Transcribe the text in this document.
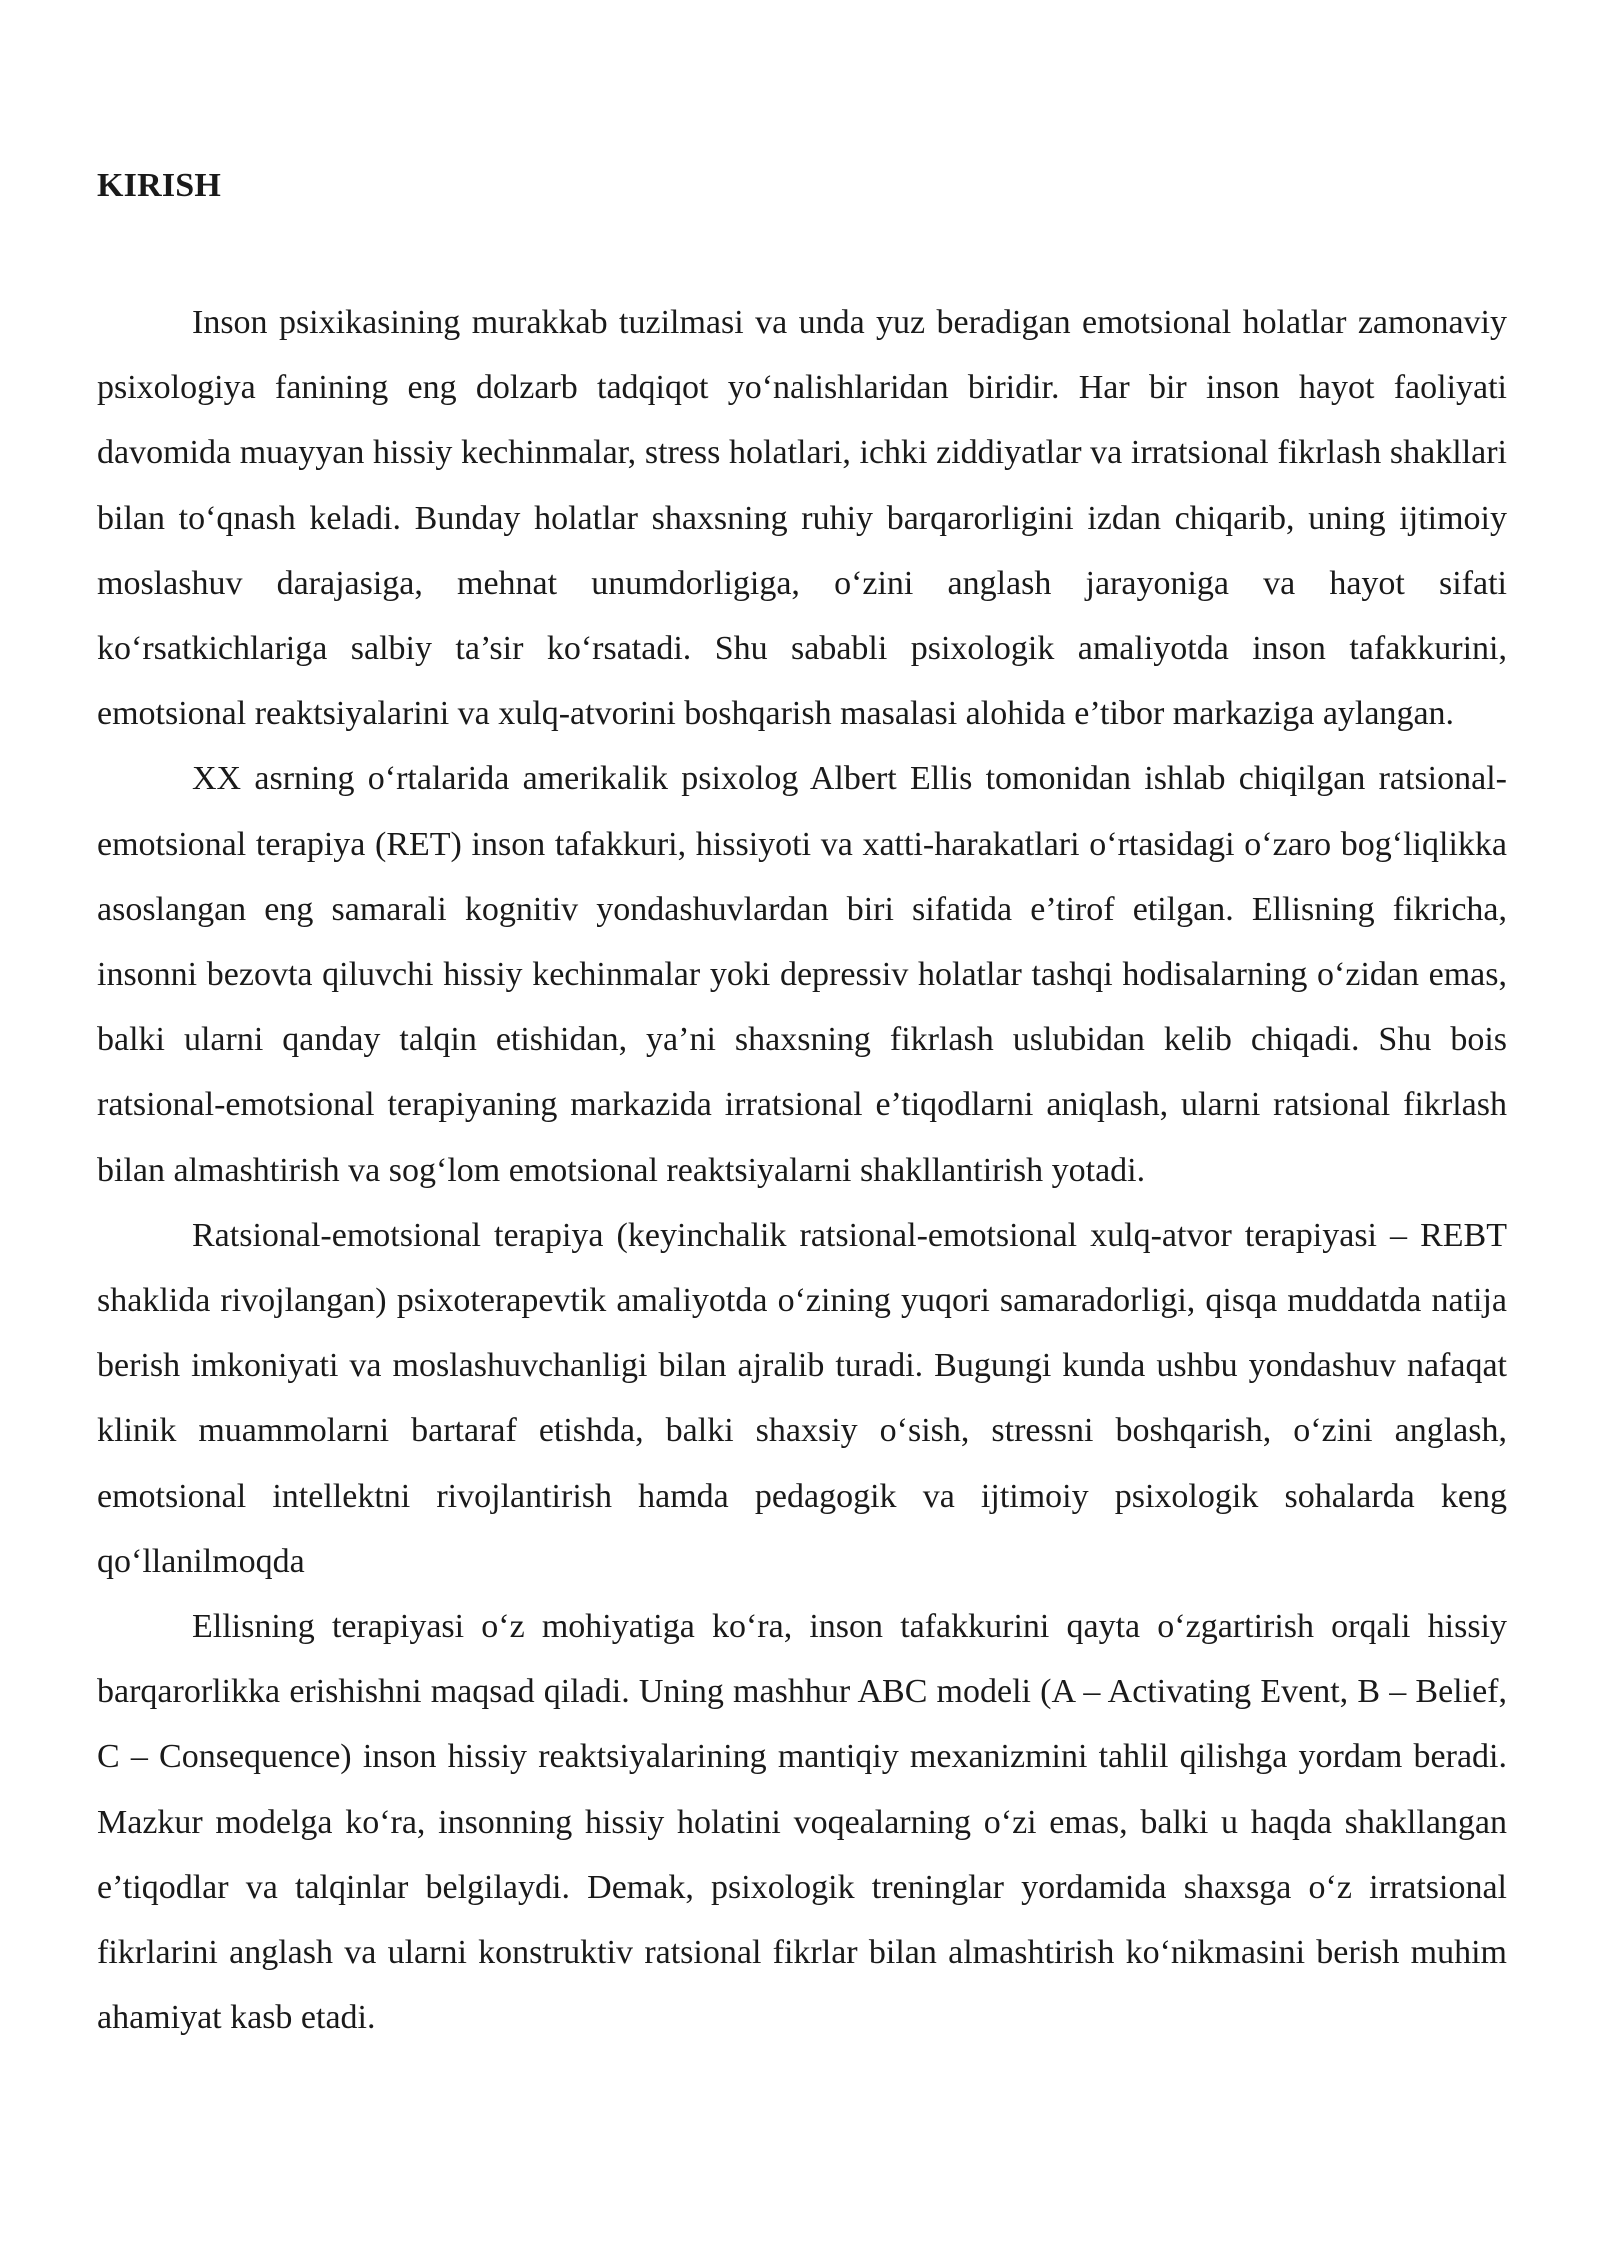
KIRISH

Inson psixikasining murakkab tuzilmasi va unda yuz beradigan emotsional holatlar zamonaviy psixologiya fanining eng dolzarb tadqiqot yo‘nalishlaridan biridir. Har bir inson hayot faoliyati davomida muayyan hissiy kechinmalar, stress holatlari, ichki ziddiyatlar va irratsional fikrlash shakllari bilan to‘qnash keladi. Bunday holatlar shaxsning ruhiy barqarorligini izdan chiqarib, uning ijtimoiy moslashuv darajasiga, mehnat unumdorligiga, o‘zini anglash jarayoniga va hayot sifati ko‘rsatkichlariga salbiy ta’sir ko‘rsatadi. Shu sababli psixologik amaliyotda inson tafakkurini, emotsional reaktsiyalarini va xulq-atvorini boshqarish masalasi alohida e’tibor markaziga aylangan.

XX asrning o‘rtalarida amerikalik psixolog Albert Ellis tomonidan ishlab chiqilgan ratsional-emotsional terapiya (RET) inson tafakkuri, hissiyoti va xatti-harakatlari o‘rtasidagi o‘zaro bog‘liqlikka asoslangan eng samarali kognitiv yondashuvlardan biri sifatida e’tirof etilgan. Ellisning fikricha, insonni bezovta qiluvchi hissiy kechinmalar yoki depressiv holatlar tashqi hodisalarning o‘zidan emas, balki ularni qanday talqin etishidan, ya’ni shaxsning fikrlash uslubidan kelib chiqadi. Shu bois ratsional-emotsional terapiyaning markazida irratsional e’tiqodlarni aniqlash, ularni ratsional fikrlash bilan almashtirish va sog‘lom emotsional reaktsiyalarni shakllantirish yotadi.

Ratsional-emotsional terapiya (keyinchalik ratsional-emotsional xulq-atvor terapiyasi – REBT shaklida rivojlangan) psixoterapevtik amaliyotda o‘zining yuqori samaradorligi, qisqa muddatda natija berish imkoniyati va moslashuvchanligi bilan ajralib turadi. Bugungi kunda ushbu yondashuv nafaqat klinik muammolarni bartaraf etishda, balki shaxsiy o‘sish, stressni boshqarish, o‘zini anglash, emotsional intellektni rivojlantirish hamda pedagogik va ijtimoiy psixologik sohalarda keng qo‘llanilmoqda

Ellisning terapiyasi o‘z mohiyatiga ko‘ra, inson tafakkurini qayta o‘zgartirish orqali hissiy barqarorlikka erishishni maqsad qiladi. Uning mashhur ABC modeli (A – Activating Event, B – Belief, C – Consequence) inson hissiy reaktsiyalarining mantiqiy mexanizmini tahlil qilishga yordam beradi. Mazkur modelga ko‘ra, insonning hissiy holatini voqealarning o‘zi emas, balki u haqda shakllangan e’tiqodlar va talqinlar belgilaydi. Demak, psixologik treninglar yordamida shaxsga o‘z irratsional fikrlarini anglash va ularni konstruktiv ratsional fikrlar bilan almashtirish ko‘nikmasini berish muhim ahamiyat kasb etadi.
